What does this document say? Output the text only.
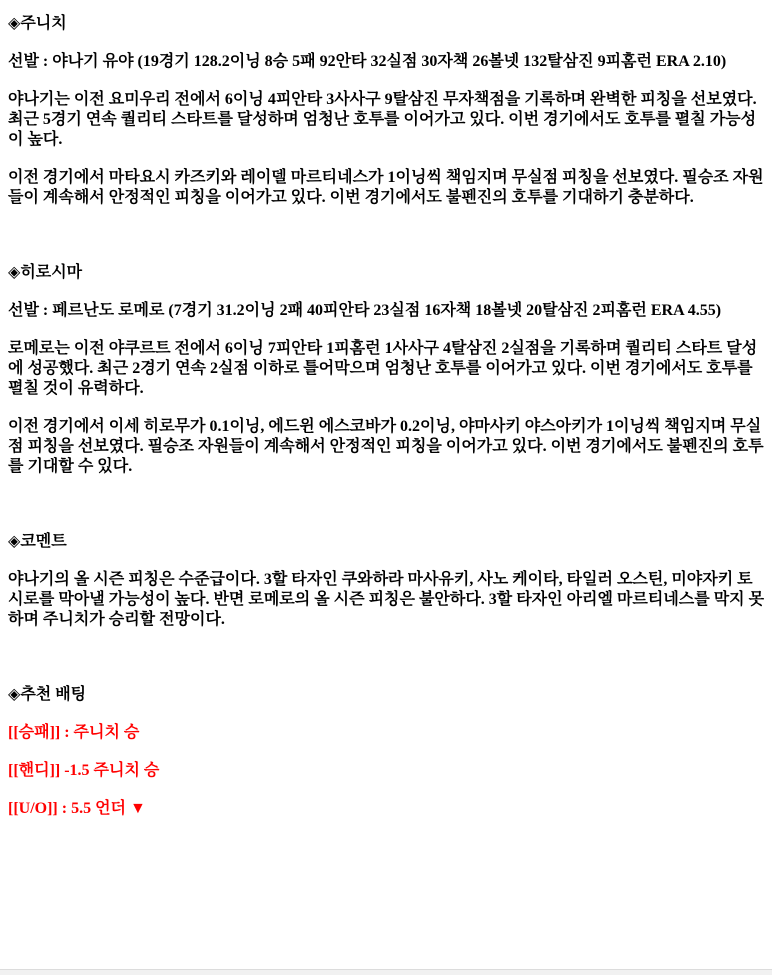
◈주니치

선발 : 야나기 유야 (19경기 128.2이닝 8승 5패 92안타 32실점 30자책 26볼넷 132탈삼진 9피홈런 ERA 2.10)

야나기는 이전 요미우리 전에서 6이닝 4피안타 3사사구 9탈삼진 무자책점을 기록하며 완벽한 피칭을 선보였다. 최근 5경기 연속 퀄리티 스타트를 달성하며 엄청난 호투를 이어가고 있다. 이번 경기에서도 호투를 펼칠 가능성이 높다.

이전 경기에서 마타요시 카즈키와 레이델 마르티네스가 1이닝씩 책임지며 무실점 피칭을 선보였다. 필승조 자원들이 계속해서 안정적인 피칭을 이어가고 있다. 이번 경기에서도 불펜진의 호투를 기대하기 충분하다.

◈히로시마

선발 : 페르난도 로메로 (7경기 31.2이닝 2패 40피안타 23실점 16자책 18볼넷 20탈삼진 2피홈런 ERA 4.55)

로메로는 이전 야쿠르트 전에서 6이닝 7피안타 1피홈런 1사사구 4탈삼진 2실점을 기록하며 퀄리티 스타트 달성에 성공했다. 최근 2경기 연속 2실점 이하로 틀어막으며 엄청난 호투를 이어가고 있다. 이번 경기에서도 호투를 펼칠 것이 유력하다.

이전 경기에서 이세 히로무가 0.1이닝, 에드윈 에스코바가 0.2이닝, 야마사키 야스아키가 1이닝씩 책임지며 무실점 피칭을 선보였다. 필승조 자원들이 계속해서 안정적인 피칭을 이어가고 있다. 이번 경기에서도 불펜진의 호투를 기대할 수 있다.

◈코멘트

야나기의 올 시즌 피칭은 수준급이다. 3할 타자인 쿠와하라 마사유키, 사노 케이타, 타일러 오스틴, 미야자키 토시로를 막아낼 가능성이 높다. 반면 로메로의 올 시즌 피칭은 불안하다. 3할 타자인 아리엘 마르티네스를 막지 못하며 주니치가 승리할 전망이다.

◈추천 배팅

[[승패]] : 주니치 승

[[핸디]] -1.5 주니치 승

[[U/O]] : 5.5 언더 ▼
